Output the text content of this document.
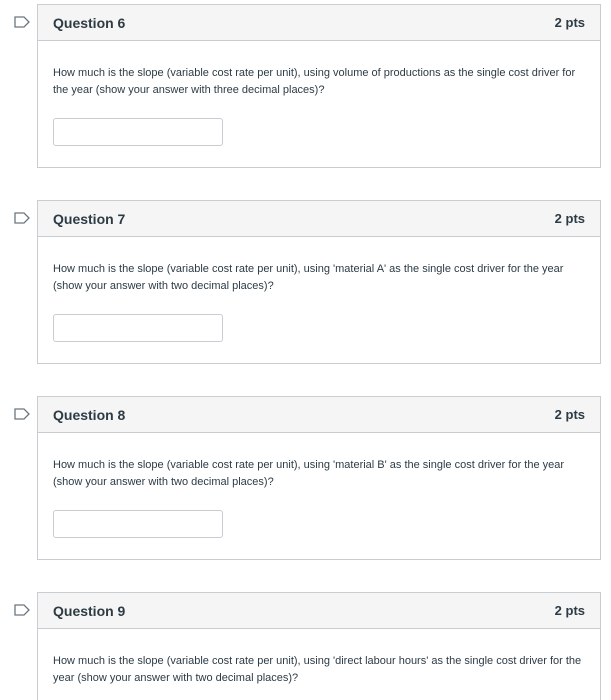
Question 6	2 pts
How much is the slope (variable cost rate per unit), using volume of productions as the single cost driver for the year (show your answer with three decimal places)?
Question 7	2 pts
How much is the slope (variable cost rate per unit), using 'material A' as the single cost driver for the year (show your answer with two decimal places)?
Question 8	2 pts
How much is the slope (variable cost rate per unit), using 'material B' as the single cost driver for the year (show your answer with two decimal places)?
Question 9	2 pts
How much is the slope (variable cost rate per unit), using 'direct labour hours' as the single cost driver for the year (show your answer with two decimal places)?
